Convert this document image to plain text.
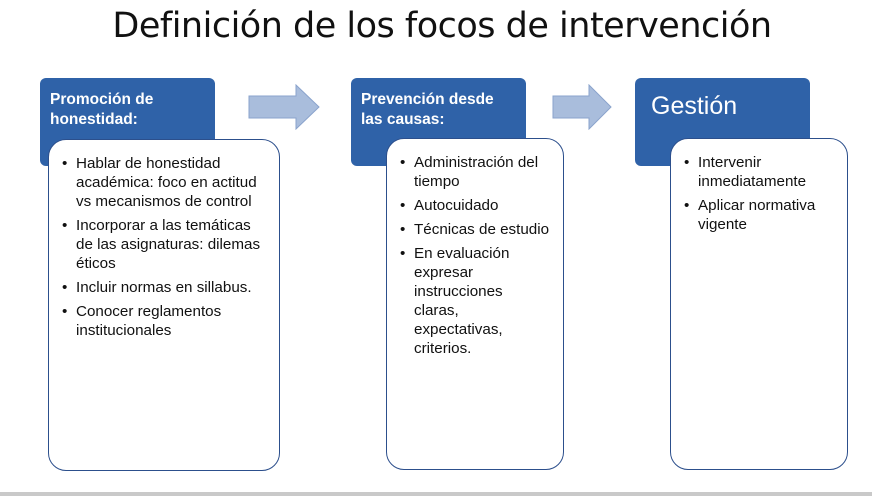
Definición de los focos de intervención
Promoción de honestidad:
• Hablar de honestidad académica: foco en actitud vs mecanismos de control
• Incorporar a las temáticas de las asignaturas: dilemas éticos
• Incluir normas en sillabus.
• Conocer reglamentos institucionales
Prevención desde las causas:
• Administración del tiempo
• Autocuidado
• Técnicas de estudio
• En evaluación expresar instrucciones claras, expectativas, criterios.
Gestión
• Intervenir inmediatamente
• Aplicar normativa vigente
